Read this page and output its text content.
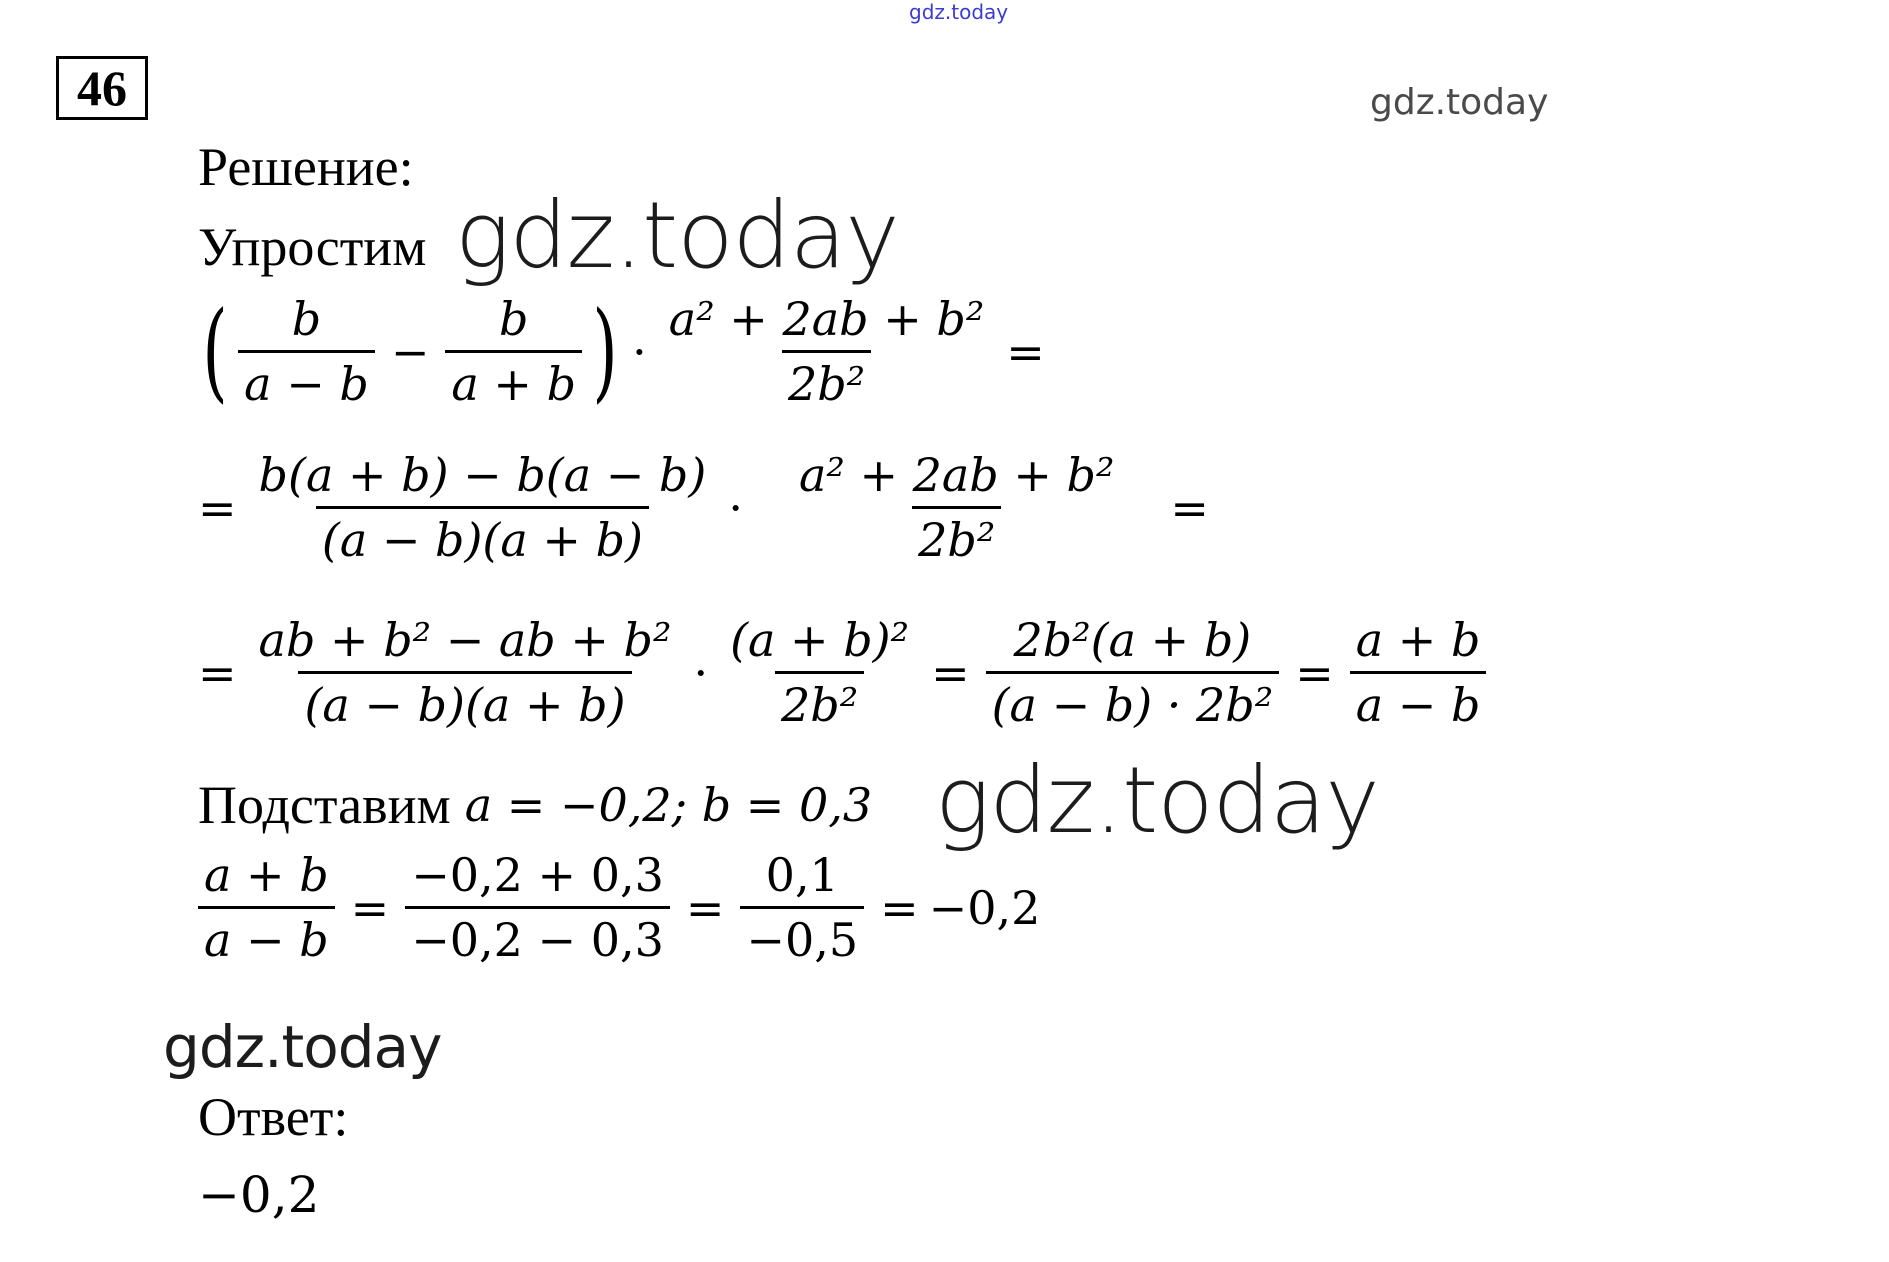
gdz.today
gdz.today
46
Решение:
Упростим gdz.today
( $\frac{b}{a - b} - \frac{b}{a + b}$ ) · $\frac{\text{a² + 2ab + b²}}{\text{2b²}}$ =
= $\frac{b(a + b) - b(a - b)}{(a - b)(a + b)} \cdot \frac{\text{a² + 2ab + b²}}{\text{2b²}}$ =
= $\frac{\text{ab + b² − ab + b²}}{(a - b)(a + b)} \cdot \frac{\text{(a + b)²}}{\text{2b²}} = \frac{\text{2b²(a + b)}}{\text{(a − b) · 2b²}} = \frac{a + b}{a - b}$
Подставим a = −0,2; b = 0,3 gdz.today
$\frac{a + b}{a - b} = \frac{-0,2 + 0,3}{-0,2 - 0,3} = \frac{0,1}{-0,5} = -0,2$
gdz.today
Ответ:
−0,2
